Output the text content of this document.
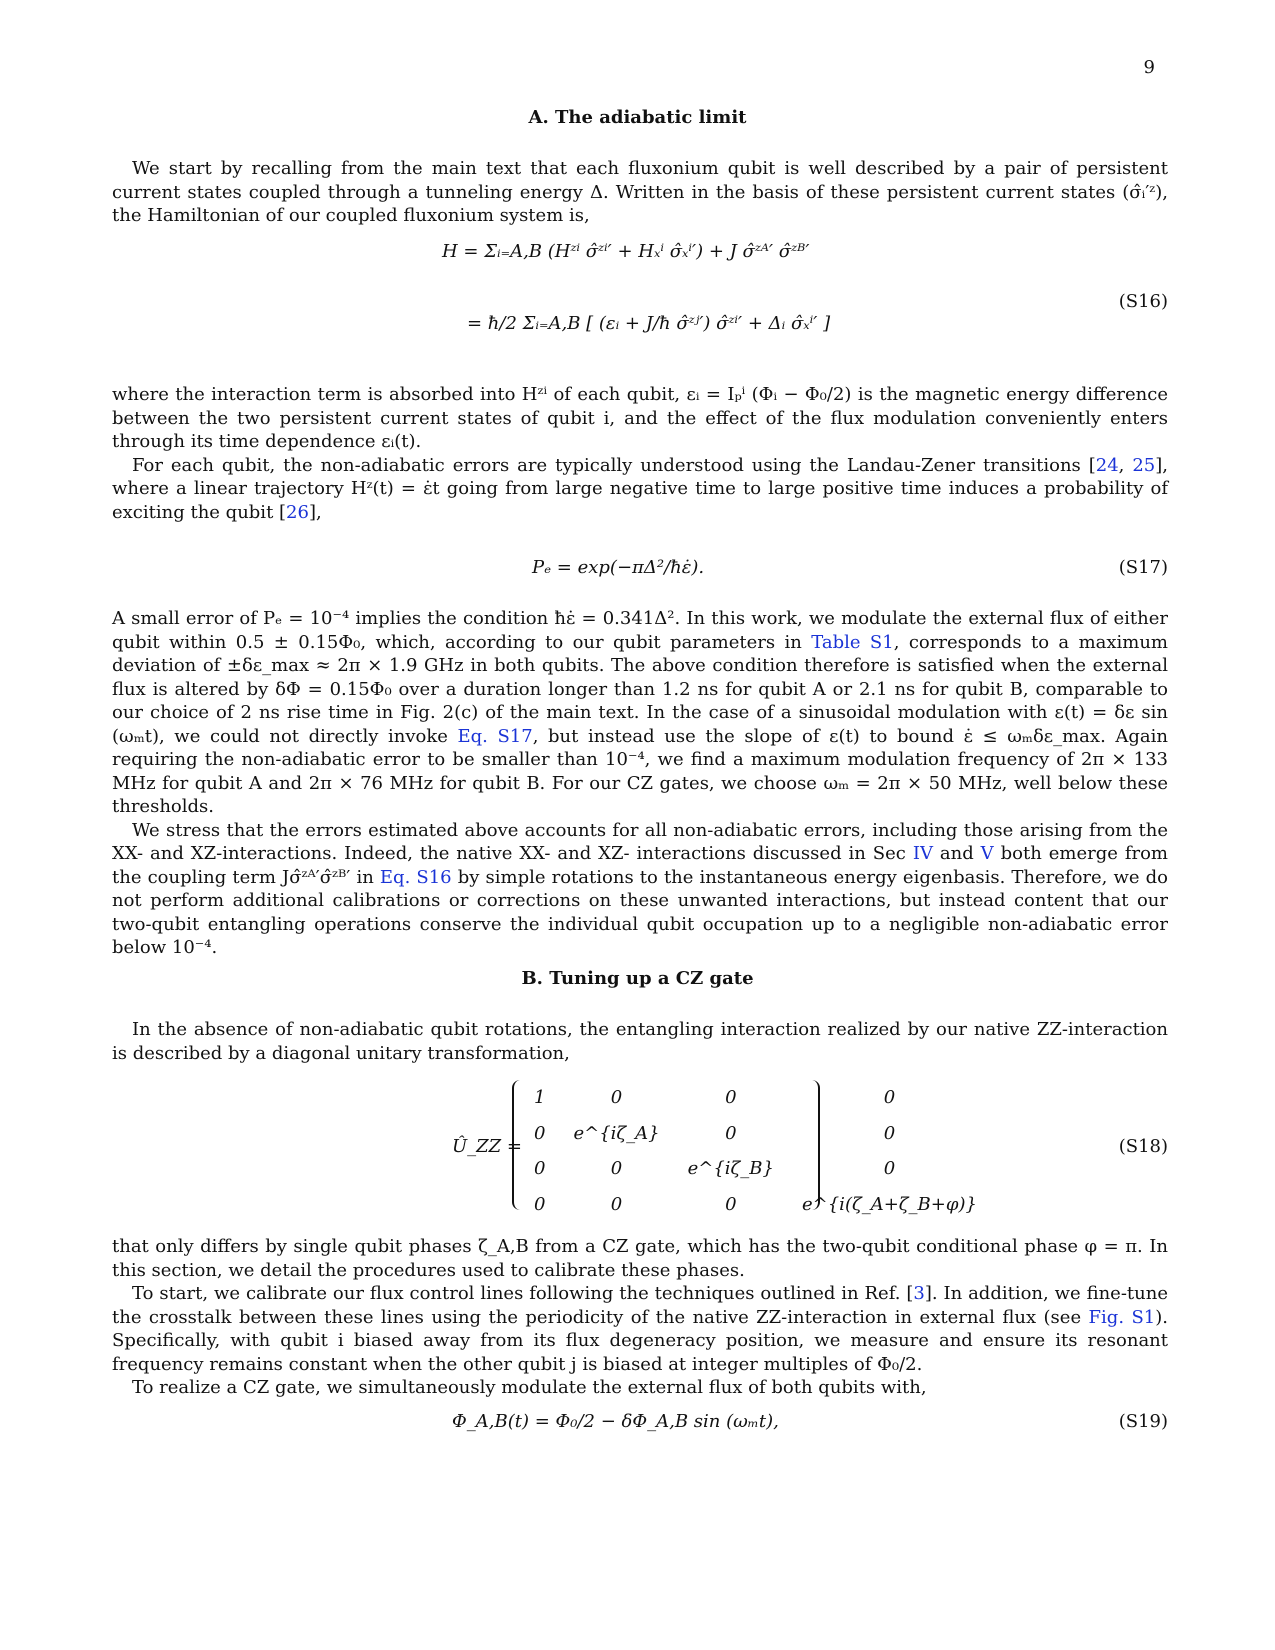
9
A. The adiabatic limit

We start by recalling from the main text that each fluxonium qubit is well described by a pair of persistent current states coupled through a tunneling energy Δ. Written in the basis of these persistent current states (σ̂ᵢ′ᶻ), the Hamiltonian of our coupled fluxonium system is,

H = Σᵢ₌A,B (Hᶻⁱ σ̂ᶻⁱ′ + Hₓⁱ σ̂ₓⁱ′) + J σ̂ᶻᴬ′ σ̂ᶻᴮ′
= ħ/2 Σᵢ₌A,B [ (εᵢ + J/ħ σ̂ᶻʲ′) σ̂ᶻⁱ′ + Δᵢ σ̂ₓⁱ′ ]
(S16)

where the interaction term is absorbed into Hᶻⁱ of each qubit, εᵢ = Iₚⁱ (Φᵢ − Φ₀/2) is the magnetic energy difference between the two persistent current states of qubit i, and the effect of the flux modulation conveniently enters through its time dependence εᵢ(t).

For each qubit, the non-adiabatic errors are typically understood using the Landau-Zener transitions [24, 25], where a linear trajectory Hᶻ(t) = ε̇t going from large negative time to large positive time induces a probability of exciting the qubit [26],

Pₑ = exp(−πΔ²/ħε̇).	(S17)

A small error of Pₑ = 10⁻⁴ implies the condition ħε̇ = 0.341Δ². In this work, we modulate the external flux of either qubit within 0.5 ± 0.15Φ₀, which, according to our qubit parameters in Table S1, corresponds to a maximum deviation of ±δε_max ≈ 2π × 1.9 GHz in both qubits. The above condition therefore is satisfied when the external flux is altered by δΦ = 0.15Φ₀ over a duration longer than 1.2 ns for qubit A or 2.1 ns for qubit B, comparable to our choice of 2 ns rise time in Fig. 2(c) of the main text. In the case of a sinusoidal modulation with ε(t) = δε sin (ωₘt), we could not directly invoke Eq. S17, but instead use the slope of ε(t) to bound ε̇ ≤ ωₘδε_max. Again requiring the non-adiabatic error to be smaller than 10⁻⁴, we find a maximum modulation frequency of 2π × 133 MHz for qubit A and 2π × 76 MHz for qubit B. For our CZ gates, we choose ωₘ = 2π × 50 MHz, well below these thresholds.

We stress that the errors estimated above accounts for all non-adiabatic errors, including those arising from the XX- and XZ-interactions. Indeed, the native XX- and XZ- interactions discussed in Sec IV and V both emerge from the coupling term Jσ̂ᶻᴬ′σ̂ᶻᴮ′ in Eq. S16 by simple rotations to the instantaneous energy eigenbasis. Therefore, we do not perform additional calibrations or corrections on these unwanted interactions, but instead content that our two-qubit entangling operations conserve the individual qubit occupation up to a negligible non-adiabatic error below 10⁻⁴.

B. Tuning up a CZ gate

In the absence of non-adiabatic qubit rotations, the entangling interaction realized by our native ZZ-interaction is described by a diagonal unitary transformation,

Û_ZZ =
1	0	0	0
0	e^{iζ_A}	0	0
0	0	e^{iζ_B}	0
0	0	0	e^{i(ζ_A+ζ_B+φ)}
(S18)

that only differs by single qubit phases ζ_A,B from a CZ gate, which has the two-qubit conditional phase φ = π. In this section, we detail the procedures used to calibrate these phases.

To start, we calibrate our flux control lines following the techniques outlined in Ref. [3]. In addition, we fine-tune the crosstalk between these lines using the periodicity of the native ZZ-interaction in external flux (see Fig. S1). Specifically, with qubit i biased away from its flux degeneracy position, we measure and ensure its resonant frequency remains constant when the other qubit j is biased at integer multiples of Φ₀/2.

To realize a CZ gate, we simultaneously modulate the external flux of both qubits with,

Φ_A,B(t) = Φ₀/2 − δΦ_A,B sin (ωₘt),	(S19)
